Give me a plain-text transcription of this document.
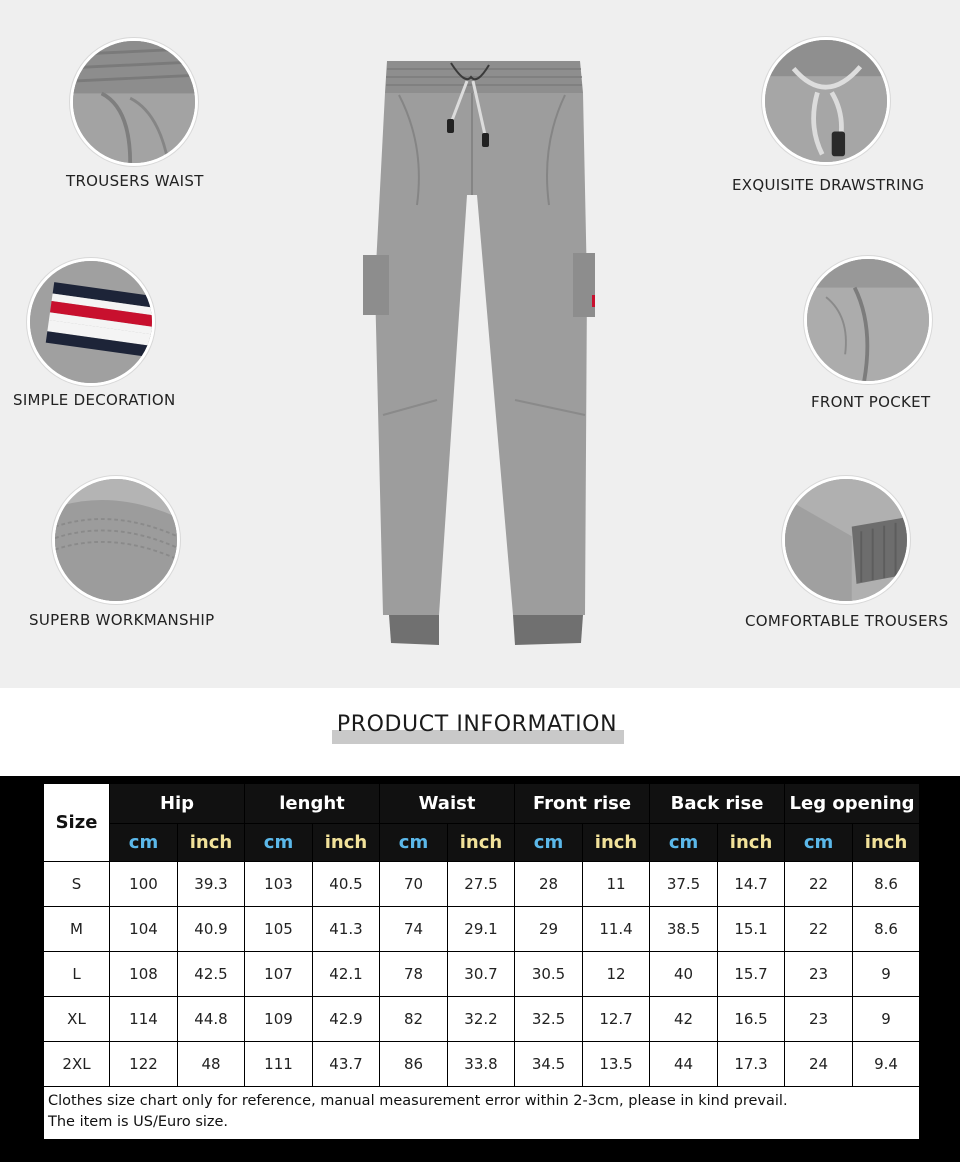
TROUSERS WAIST
SIMPLE DECORATION
SUPERB WORKMANSHIP
EXQUISITE DRAWSTRING
FRONT POCKET
COMFORTABLE TROUSERS
PRODUCT INFORMATION
Size	Hip		lenght		Waist		Front rise		Back rise		Leg opening	
	cm	inch	cm	inch	cm	inch	cm	inch	cm	inch	cm	inch
S	100	39.3	103	40.5	70	27.5	28	11	37.5	14.7	22	8.6
M	104	40.9	105	41.3	74	29.1	29	11.4	38.5	15.1	22	8.6
L	108	42.5	107	42.1	78	30.7	30.5	12	40	15.7	23	9
XL	114	44.8	109	42.9	82	32.2	32.5	12.7	42	16.5	23	9
2XL	122	48	111	43.7	86	33.8	34.5	13.5	44	17.3	24	9.4

Clothes size chart only for reference, manual measurement error within 2-3cm, please in kind prevail.
The item is US/Euro size.												
